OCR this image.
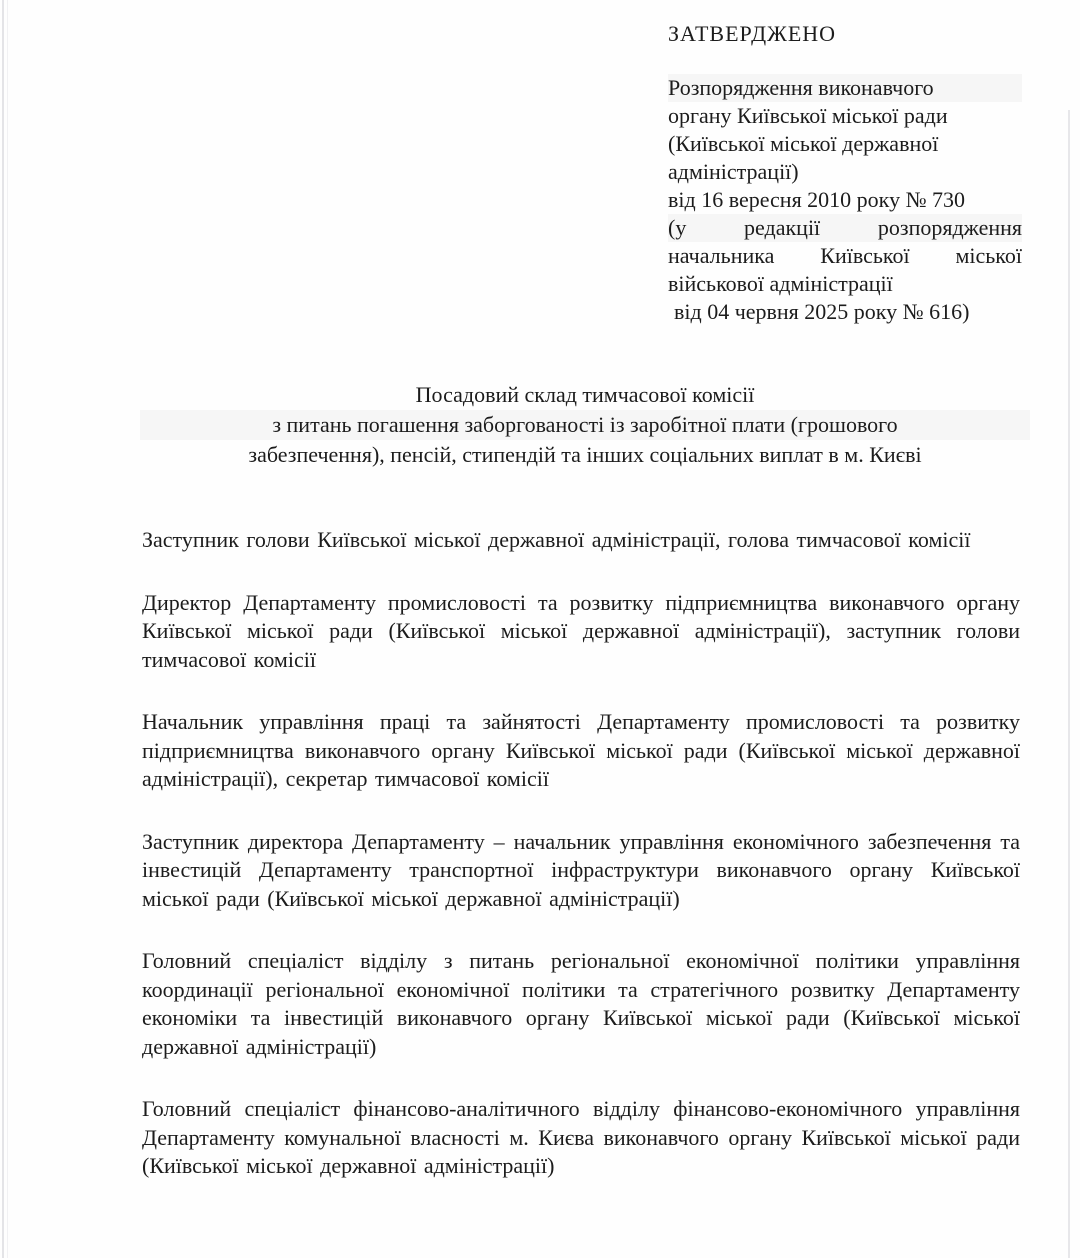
ЗАТВЕРДЖЕНО
Розпорядження виконавчого
органу Київської міської ради
(Київської міської державної
адміністрації)
від 16 вересня 2010 року № 730
(у редакції розпорядження
начальника Київської міської
військової адміністрації
від 04 червня 2025 року № 616)
Посадовий склад тимчасової комісії
з питань погашення заборгованості із заробітної плати (грошового
забезпечення), пенсій, стипендій та інших соціальних виплат в м. Києві

Заступник голови Київської міської державної адміністрації, голова тимчасової комісії

Директор Департаменту промисловості та розвитку підприємництва виконавчого органу Київської міської ради (Київської міської державної адміністрації), заступник голови тимчасової комісії

Начальник управління праці та зайнятості Департаменту промисловості та розвитку підприємництва виконавчого органу Київської міської ради (Київської міської державної адміністрації), секретар тимчасової комісії

Заступник директора Департаменту – начальник управління економічного забезпечення та інвестицій Департаменту транспортної інфраструктури виконавчого органу Київської міської ради (Київської міської державної адміністрації)

Головний спеціаліст відділу з питань регіональної економічної політики управління координації регіональної економічної політики та стратегічного розвитку Департаменту економіки та інвестицій виконавчого органу Київської міської ради (Київської міської державної адміністрації)

Головний спеціаліст фінансово-аналітичного відділу фінансово-економічного управління Департаменту комунальної власності м. Києва виконавчого органу Київської міської ради (Київської міської державної адміністрації)
